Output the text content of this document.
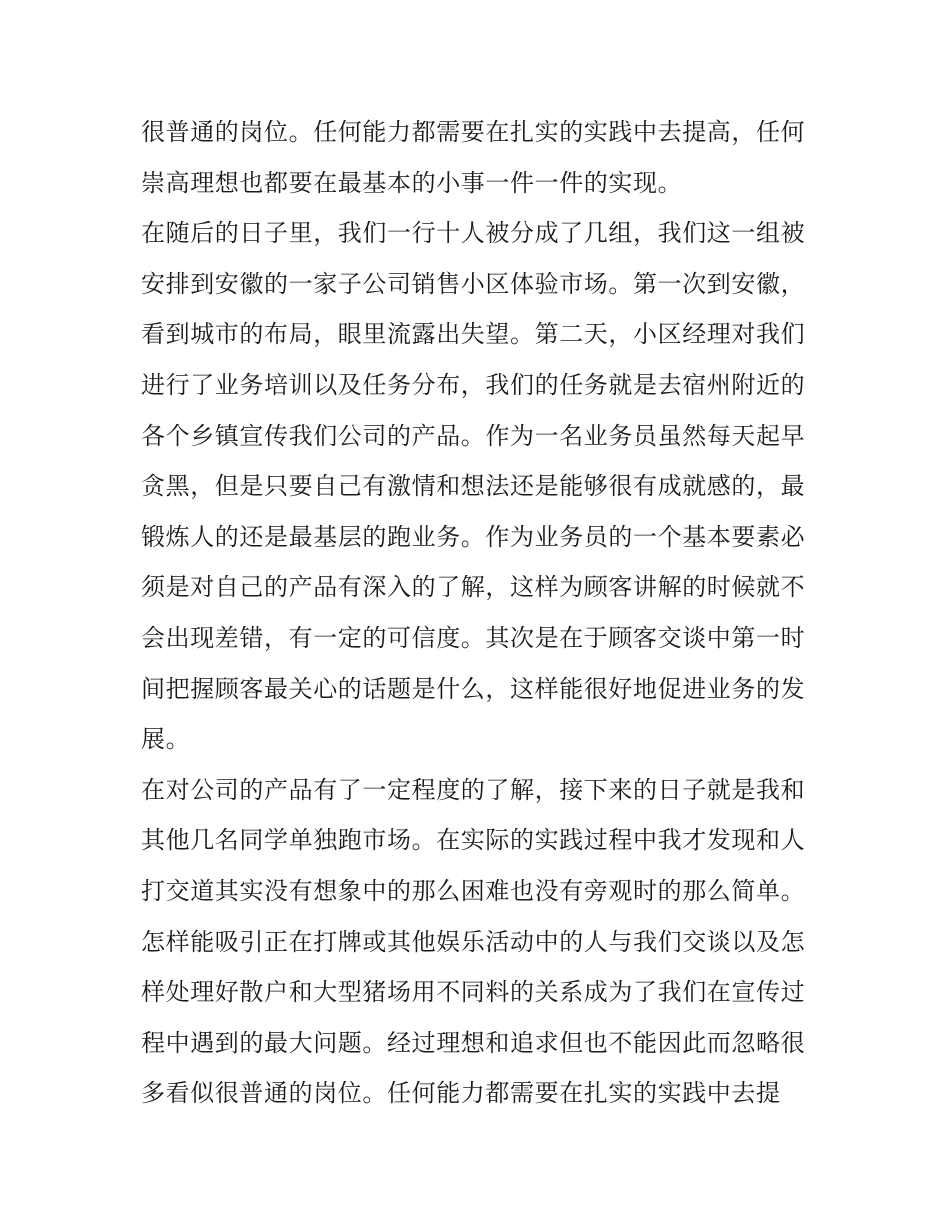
很普通的岗位。任何能力都需要在扎实的实践中去提高，任何
崇高理想也都要在最基本的小事一件一件的实现。
在随后的日子里，我们一行十人被分成了几组，我们这一组被
安排到安徽的一家子公司销售小区体验市场。第一次到安徽，
看到城市的布局，眼里流露出失望。第二天，小区经理对我们
进行了业务培训以及任务分布，我们的任务就是去宿州附近的
各个乡镇宣传我们公司的产品。作为一名业务员虽然每天起早
贪黑，但是只要自己有激情和想法还是能够很有成就感的，最
锻炼人的还是最基层的跑业务。作为业务员的一个基本要素必
须是对自己的产品有深入的了解，这样为顾客讲解的时候就不
会出现差错，有一定的可信度。其次是在于顾客交谈中第一时
间把握顾客最关心的话题是什么，这样能很好地促进业务的发
展。
在对公司的产品有了一定程度的了解，接下来的日子就是我和
其他几名同学单独跑市场。在实际的实践过程中我才发现和人
打交道其实没有想象中的那么困难也没有旁观时的那么简单。
怎样能吸引正在打牌或其他娱乐活动中的人与我们交谈以及怎
样处理好散户和大型猪场用不同料的关系成为了我们在宣传过
程中遇到的最大问题。经过理想和追求但也不能因此而忽略很
多看似很普通的岗位。任何能力都需要在扎实的实践中去提
